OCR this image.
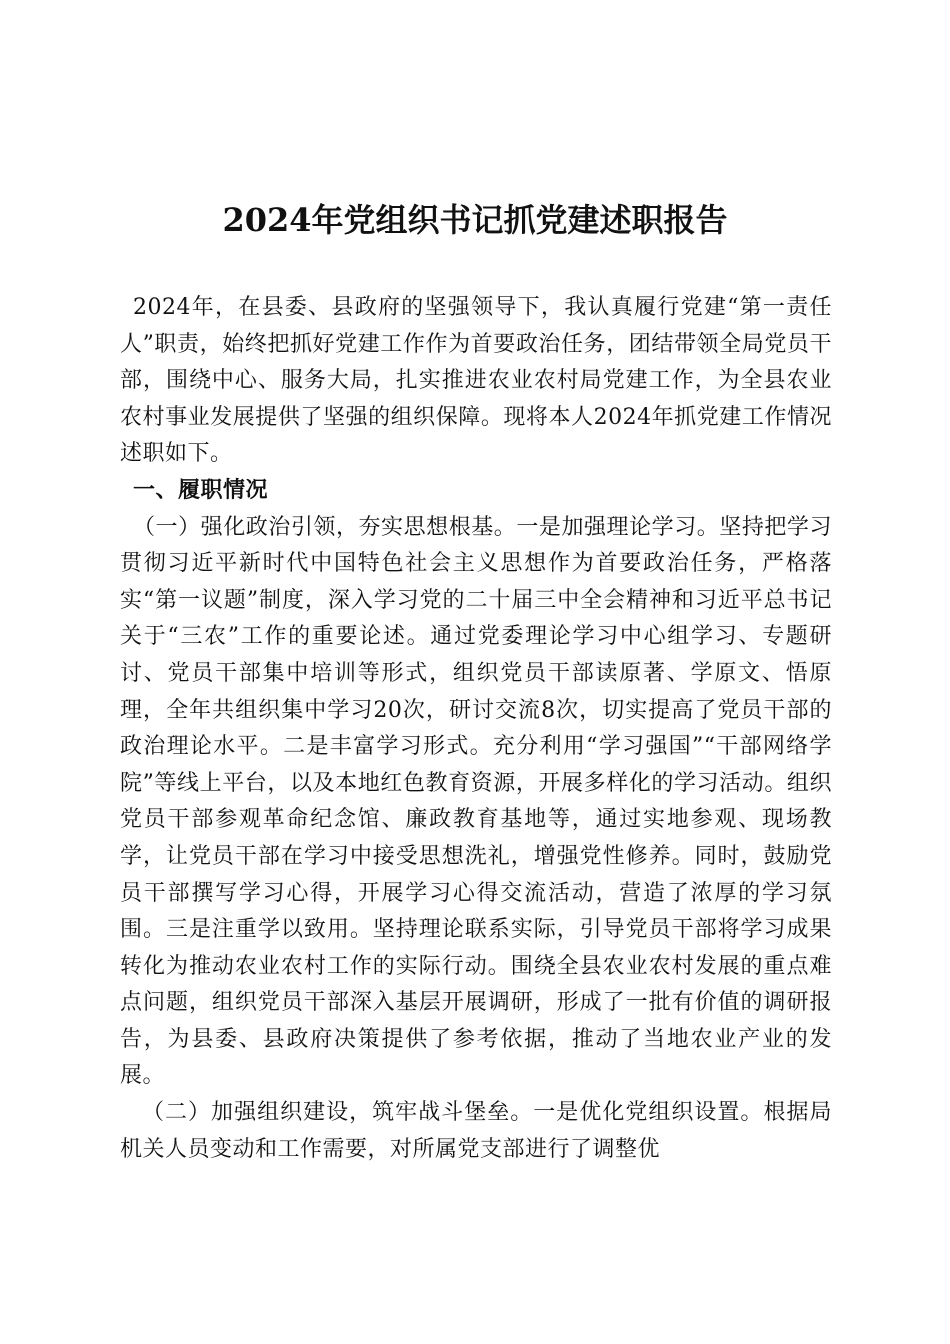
2024年党组织书记抓党建述职报告

2024年，在县委、县政府的坚强领导下，我认真履行党建“第一责任人”职责，始终把抓好党建工作作为首要政治任务，团结带领全局党员干部，围绕中心、服务大局，扎实推进农业农村局党建工作，为全县农业农村事业发展提供了坚强的组织保障。现将本人2024年抓党建工作情况述职如下。

一、履职情况

（一）强化政治引领，夯实思想根基。一是加强理论学习。坚持把学习贯彻习近平新时代中国特色社会主义思想作为首要政治任务，严格落实“第一议题”制度，深入学习党的二十届三中全会精神和习近平总书记关于“三农”工作的重要论述。通过党委理论学习中心组学习、专题研讨、党员干部集中培训等形式，组织党员干部读原著、学原文、悟原理，全年共组织集中学习20次，研讨交流8次，切实提高了党员干部的政治理论水平。二是丰富学习形式。充分利用“学习强国”“干部网络学院”等线上平台，以及本地红色教育资源，开展多样化的学习活动。组织党员干部参观革命纪念馆、廉政教育基地等，通过实地参观、现场教学，让党员干部在学习中接受思想洗礼，增强党性修养。同时，鼓励党员干部撰写学习心得，开展学习心得交流活动，营造了浓厚的学习氛围。三是注重学以致用。坚持理论联系实际，引导党员干部将学习成果转化为推动农业农村工作的实际行动。围绕全县农业农村发展的重点难点问题，组织党员干部深入基层开展调研，形成了一批有价值的调研报告，为县委、县政府决策提供了参考依据，推动了当地农业产业的发展。

（二）加强组织建设，筑牢战斗堡垒。一是优化党组织设置。根据局机关人员变动和工作需要，对所属党支部进行了调整优
